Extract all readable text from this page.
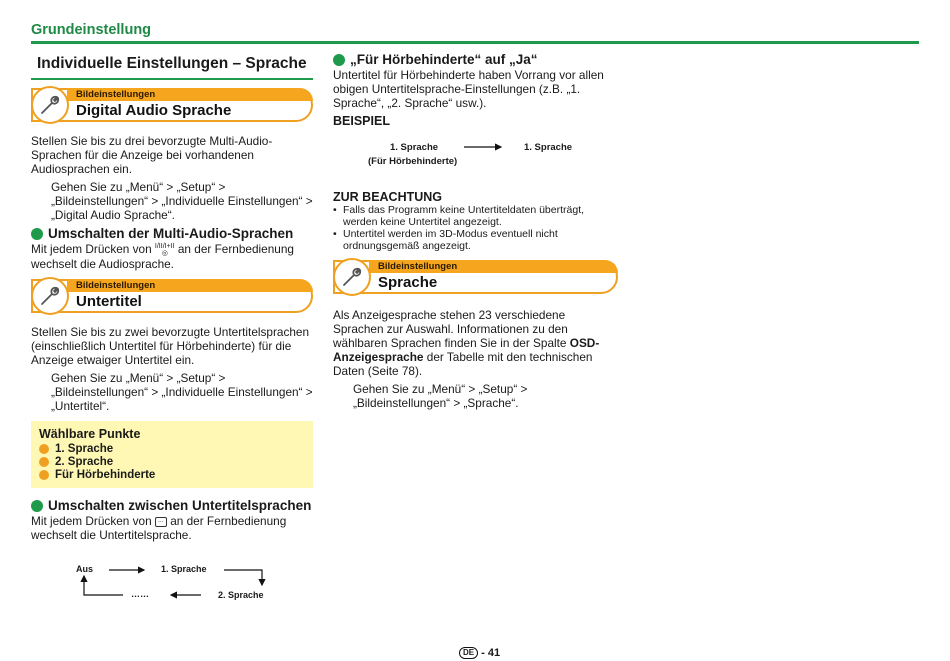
Grundeinstellung
Individuelle Einstellungen – Sprache
Bildeinstellungen
Digital Audio Sprache
Stellen Sie bis zu drei bevorzugte Multi-Audio-Sprachen für die Anzeige bei vorhandenen Audiosprachen ein.
Gehen Sie zu „Menü“ > „Setup“ > „Bildeinstellungen“ > „Individuelle Einstellungen“ > „Digital Audio Sprache“.
Umschalten der Multi-Audio-Sprachen
Mit jedem Drücken von I/II/I+II
◎ an der Fernbedienung wechselt die Audiosprache.
Bildeinstellungen
Untertitel
Stellen Sie bis zu zwei bevorzugte Untertitelsprachen (einschließlich Untertitel für Hörbehinderte) für die Anzeige etwaiger Untertitel ein.
Gehen Sie zu „Menü“ > „Setup“ > „Bildeinstellungen“ > „Individuelle Einstellungen“ > „Untertitel“.
Wählbare Punkte
1. Sprache
2. Sprache
Für Hörbehinderte
Umschalten zwischen Untertitelsprachen
Mit jedem Drücken von … an der Fernbedienung wechselt die Untertitelsprache.
Aus	1. Sprache
2. Sprache
……
„Für Hörbehinderte“ auf „Ja“
Untertitel für Hörbehinderte haben Vorrang vor allen obigen Untertitelsprache-Einstellungen (z.B. „1. Sprache“, „2. Sprache“ usw.).
BEISPIEL
1. Sprache
(Für Hörbehinderte)
1. Sprache
ZUR BEACHTUNG
• Falls das Programm keine Untertiteldaten überträgt, werden keine Untertitel angezeigt.
• Untertitel werden im 3D-Modus eventuell nicht ordnungsgemäß angezeigt.
Bildeinstellungen
Sprache
Als Anzeigesprache stehen 23 verschiedene Sprachen zur Auswahl. Informationen zu den wählbaren Sprachen finden Sie in der Spalte OSD-Anzeigesprache der Tabelle mit den technischen Daten (Seite 78).
Gehen Sie zu „Menü“ > „Setup“ > „Bildeinstellungen“ > „Sprache“.
DE - 41
